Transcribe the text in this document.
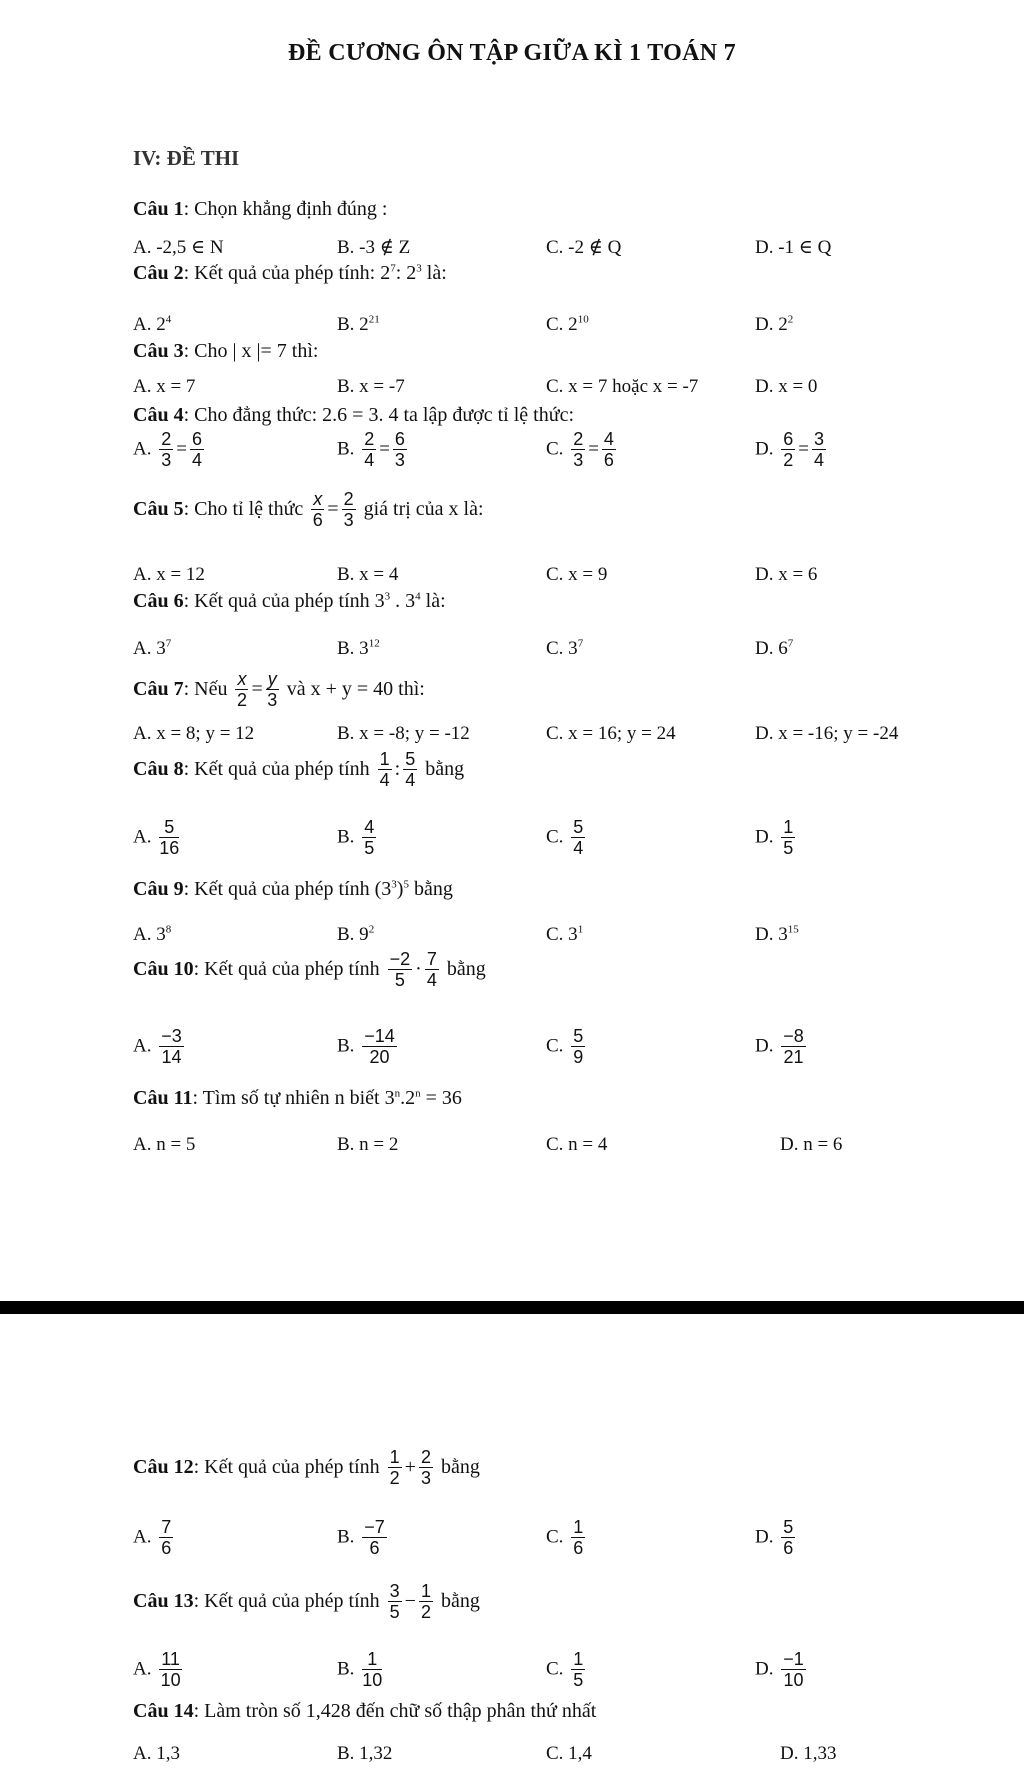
ĐỀ CƯƠNG ÔN TẬP GIỮA KÌ 1 TOÁN 7
IV: ĐỀ THI
Câu 1: Chọn khẳng định đúng :
A. -2,5 ∈ N	B. -3 ∉ Z	C. -2 ∉ Q	D. -1 ∈ Q
Câu 2: Kết quả của phép tính: $2^7$: $2^3$ là:
A. $2^4$	B. $2^{21}$	C. $2^{10}$	D. $2^2$
Câu 3: Cho | x |= 7 thì:
A. x = 7	B. x = -7	C. x = 7 hoặc x = -7	D. x = 0
Câu 4: Cho đẳng thức: 2.6 = 3. 4 ta lập được tỉ lệ thức:
A. $\frac{2}{3} = \frac{6}{4}$	B. $\frac{2}{4} = \frac{6}{3}$	C. $\frac{2}{3} = \frac{4}{6}$	D. $\frac{6}{2} = \frac{3}{4}$
Câu 5: Cho tỉ lệ thức $\frac{x}{6} = \frac{2}{3}$ giá trị của x là:
A. x = 12	B. x = 4	C. x = 9	D. x = 6
Câu 6: Kết quả của phép tính $3^3$ . $3^4$ là:
A. $3^7$	B. $3^{12}$	C. $3^7$	D. $6^7$
Câu 7: Nếu $\frac{x}{2} = \frac{y}{3}$ và x + y = 40 thì:
A. x = 8; y = 12	B. x = -8; y = -12	C. x = 16; y = 24	D. x = -16; y = -24
Câu 8: Kết quả của phép tính $\frac{1}{4}$ : $\frac{5}{4}$ bằng
A. $\frac{5}{16}$	B. $\frac{4}{5}$	C. $\frac{5}{4}$	D. $\frac{1}{5}$
Câu 9: Kết quả của phép tính $(3^3)^5$ bằng
A. $3^8$	B. $9^2$	C. $3^1$	D. $3^{15}$
Câu 10: Kết quả của phép tính $\frac{-2}{5} \cdot \frac{7}{4}$ bằng
A. $\frac{-3}{14}$	B. $\frac{-14}{20}$	C. $\frac{5}{9}$	D. $\frac{-8}{21}$
Câu 11: Tìm số tự nhiên n biết $3^n.2^n = 36$
A. n = 5	B. n = 2	C. n = 4	D. n = 6
Câu 12: Kết quả của phép tính $\frac{1}{2} + \frac{2}{3}$ bằng
A. $\frac{7}{6}$	B. $\frac{-7}{6}$	C. $\frac{1}{6}$	D. $\frac{5}{6}$
Câu 13: Kết quả của phép tính $\frac{3}{5} - \frac{1}{2}$ bằng
A. $\frac{11}{10}$	B. $\frac{1}{10}$	C. $\frac{1}{5}$	D. $\frac{-1}{10}$
Câu 14: Làm tròn số 1,428 đến chữ số thập phân thứ nhất
A. 1,3	B. 1,32	C. 1,4	D. 1,33
